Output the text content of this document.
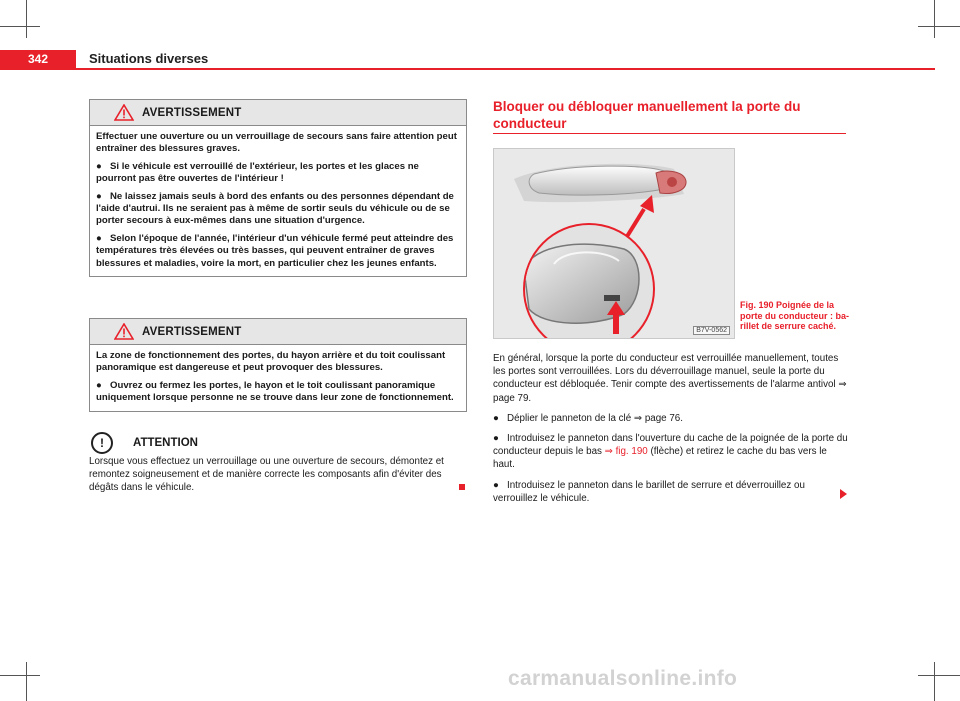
342	Situations diverses
AVERTISSEMENT

Effectuer une ouverture ou un verrouillage de secours sans faire attention peut entraîner des blessures graves.

● Si le véhicule est verrouillé de l'extérieur, les portes et les glaces ne pourront pas être ouvertes de l'intérieur !

● Ne laissez jamais seuls à bord des enfants ou des personnes dépendant de l'aide d'autrui. Ils ne seraient pas à même de sortir seuls du véhicule ou de se porter secours à eux-mêmes dans une situation d'urgence.

● Selon l'époque de l'année, l'intérieur d'un véhicule fermé peut atteindre des températures très élevées ou très basses, qui peuvent entraîner de graves blessures et maladies, voire la mort, en particulier chez les jeunes enfants.

AVERTISSEMENT

La zone de fonctionnement des portes, du hayon arrière et du toit coulissant panoramique est dangereuse et peut provoquer des blessures.

● Ouvrez ou fermez les portes, le hayon et le toit coulissant panoramique uniquement lorsque personne ne se trouve dans leur zone de fonctionnement.

!	ATTENTION
Lorsque vous effectuez un verrouillage ou une ouverture de secours, démontez et remontez soigneusement et de manière correcte les composants afin d'éviter des dégâts dans le véhicule.
Bloquer ou débloquer manuellement la porte du conducteur
B7V-0562
Fig. 190 Poignée de la porte du conducteur : barillet de serrure caché.

En général, lorsque la porte du conducteur est verrouillée manuellement, toutes les portes sont verrouillées. Lors du déverrouillage manuel, seule la porte du conducteur est débloquée. Tenir compte des avertissements de l'alarme antivol ⇒ page 79.

● Déplier le panneton de la clé ⇒ page 76.

● Introduisez le panneton dans l'ouverture du cache de la poignée de la porte du conducteur depuis le bas ⇒ fig. 190 (flèche) et retirez le cache du bas vers le haut.

● Introduisez le panneton dans le barillet de serrure et déverrouillez ou verrouillez le véhicule.

carmanualsonline.info
